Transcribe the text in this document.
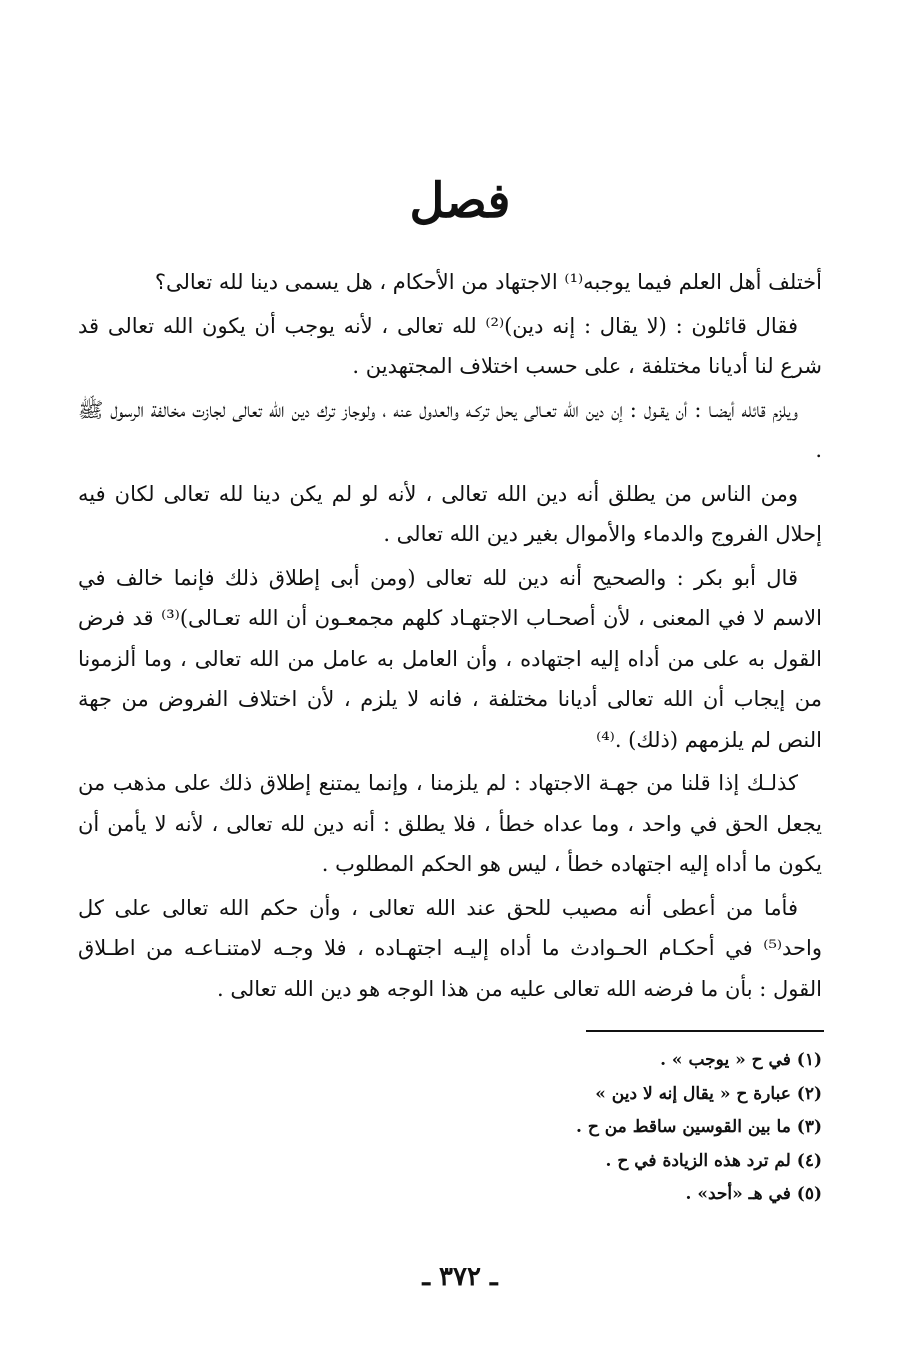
فصل

أختلف أهل العلم فيما يوجبه⁽¹⁾ الاجتهاد من الأحكام ، هل يسمى دينا لله تعالى؟

فقال قائلون : (لا يقال : إنه دين)⁽²⁾ لله تعالى ، لأنه يوجب أن يكون الله تعالى قد شرع لنا أديانا مختلفة ، على حسب اختلاف المجتهدين .

ويلزم قائله أيضـا : أن يقـول : إن دين الله تعـالى يحل تركـه والعدول عنه ، ولوجاز ترك دين الله تعالى لجازت مخالفة الرسول ﷺ .

ومن الناس من يطلق أنه دين الله تعالى ، لأنه لو لم يكن دينا لله تعالى لكان فيه إحلال الفروج والدماء والأموال بغير دين الله تعالى .

قال أبو بكر : والصحيح أنه دين لله تعالى (ومن أبى إطلاق ذلك فإنما خالف في الاسم لا في المعنى ، لأن أصحـاب الاجتهـاد كلهم مجمعـون أن الله تعـالى)⁽³⁾ قد فرض القول به على من أداه إليه اجتهاده ، وأن العامل به عامل من الله تعالى ، وما ألزمونا من إيجاب أن الله تعالى أديانا مختلفة ، فانه لا يلزم ، لأن اختلاف الفروض من جهة النص لم يلزمهم (ذلك) .⁽⁴⁾

كذلـك إذا قلنا من جهـة الاجتهاد : لم يلزمنا ، وإنما يمتنع إطلاق ذلك على مذهب من يجعل الحق في واحد ، وما عداه خطأ ، فلا يطلق : أنه دين لله تعالى ، لأنه لا يأمن أن يكون ما أداه إليه اجتهاده خطأ ، ليس هو الحكم المطلوب .

فأما من أعطى أنه مصيب للحق عند الله تعالى ، وأن حكم الله تعالى على كل واحد⁽⁵⁾ في أحكـام الحـوادث ما أداه إليـه اجتهـاده ، فلا وجـه لامتنـاعـه من اطـلاق القول : بأن ما فرضه الله تعالى عليه من هذا الوجه هو دين الله تعالى .

(١) في ح « يوجب » .

(٢) عبارة ح « يقال إنه لا دين »

(٣) ما بين القوسين ساقط من ح .

(٤) لم ترد هذه الزيادة في ح .

(٥) في هـ «أحد» .

ـ ٣٧٢ ـ
